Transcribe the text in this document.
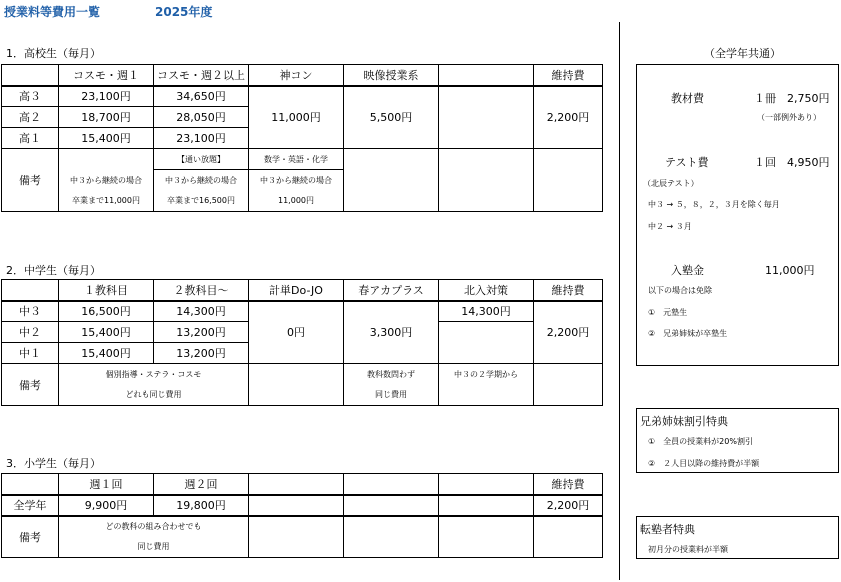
授業料等費用一覧	2025年度
1．高校生（毎月）
	コスモ・週１	コスモ・週２以上	神コン	映像授業系		維持費
高３	23,100円	34,650円	11,000円	5,500円		2,200円
高２	18,700円	28,050円				
高１	15,400円	23,100円				
備考		【通い放題】	数学・英語・化学			
	中３から継続の場合	中３から継続の場合	中３から継続の場合			
	卒業まで11,000円	卒業まで16,500円	11,000円			
2．中学生（毎月）
	１教科目	２教科目～	計単Do-JO	春アカプラス	北入対策	維持費
中３	16,500円	14,300円	0円	3,300円	14,300円	2,200円
中２	15,400円	13,200円				
中１	15,400円	13,200円				
備考	個別指導・ステラ・コスモ			教科数問わず	中３の２学期から	
	どれも同じ費用			同じ費用		
3．小学生（毎月）
	週１回	週２回				維持費
全学年	9,900円	19,800円				2,200円
備考	どの教科の組み合わせでも					
	同じ費用					
（全学年共通）
教材費	１冊 2,750円
（一部例外あり）
テスト費	１回 4,950円
（北辰テスト）
中３ → ５，８，２，３月を除く毎月
中２ → ３月
入塾金	11,000円
以下の場合は免除
①　元塾生
②　兄弟姉妹が卒塾生
兄弟姉妹割引特典
①　全員の授業料が20%割引
②　２人目以降の維持費が半額
転塾者特典
初月分の授業料が半額
